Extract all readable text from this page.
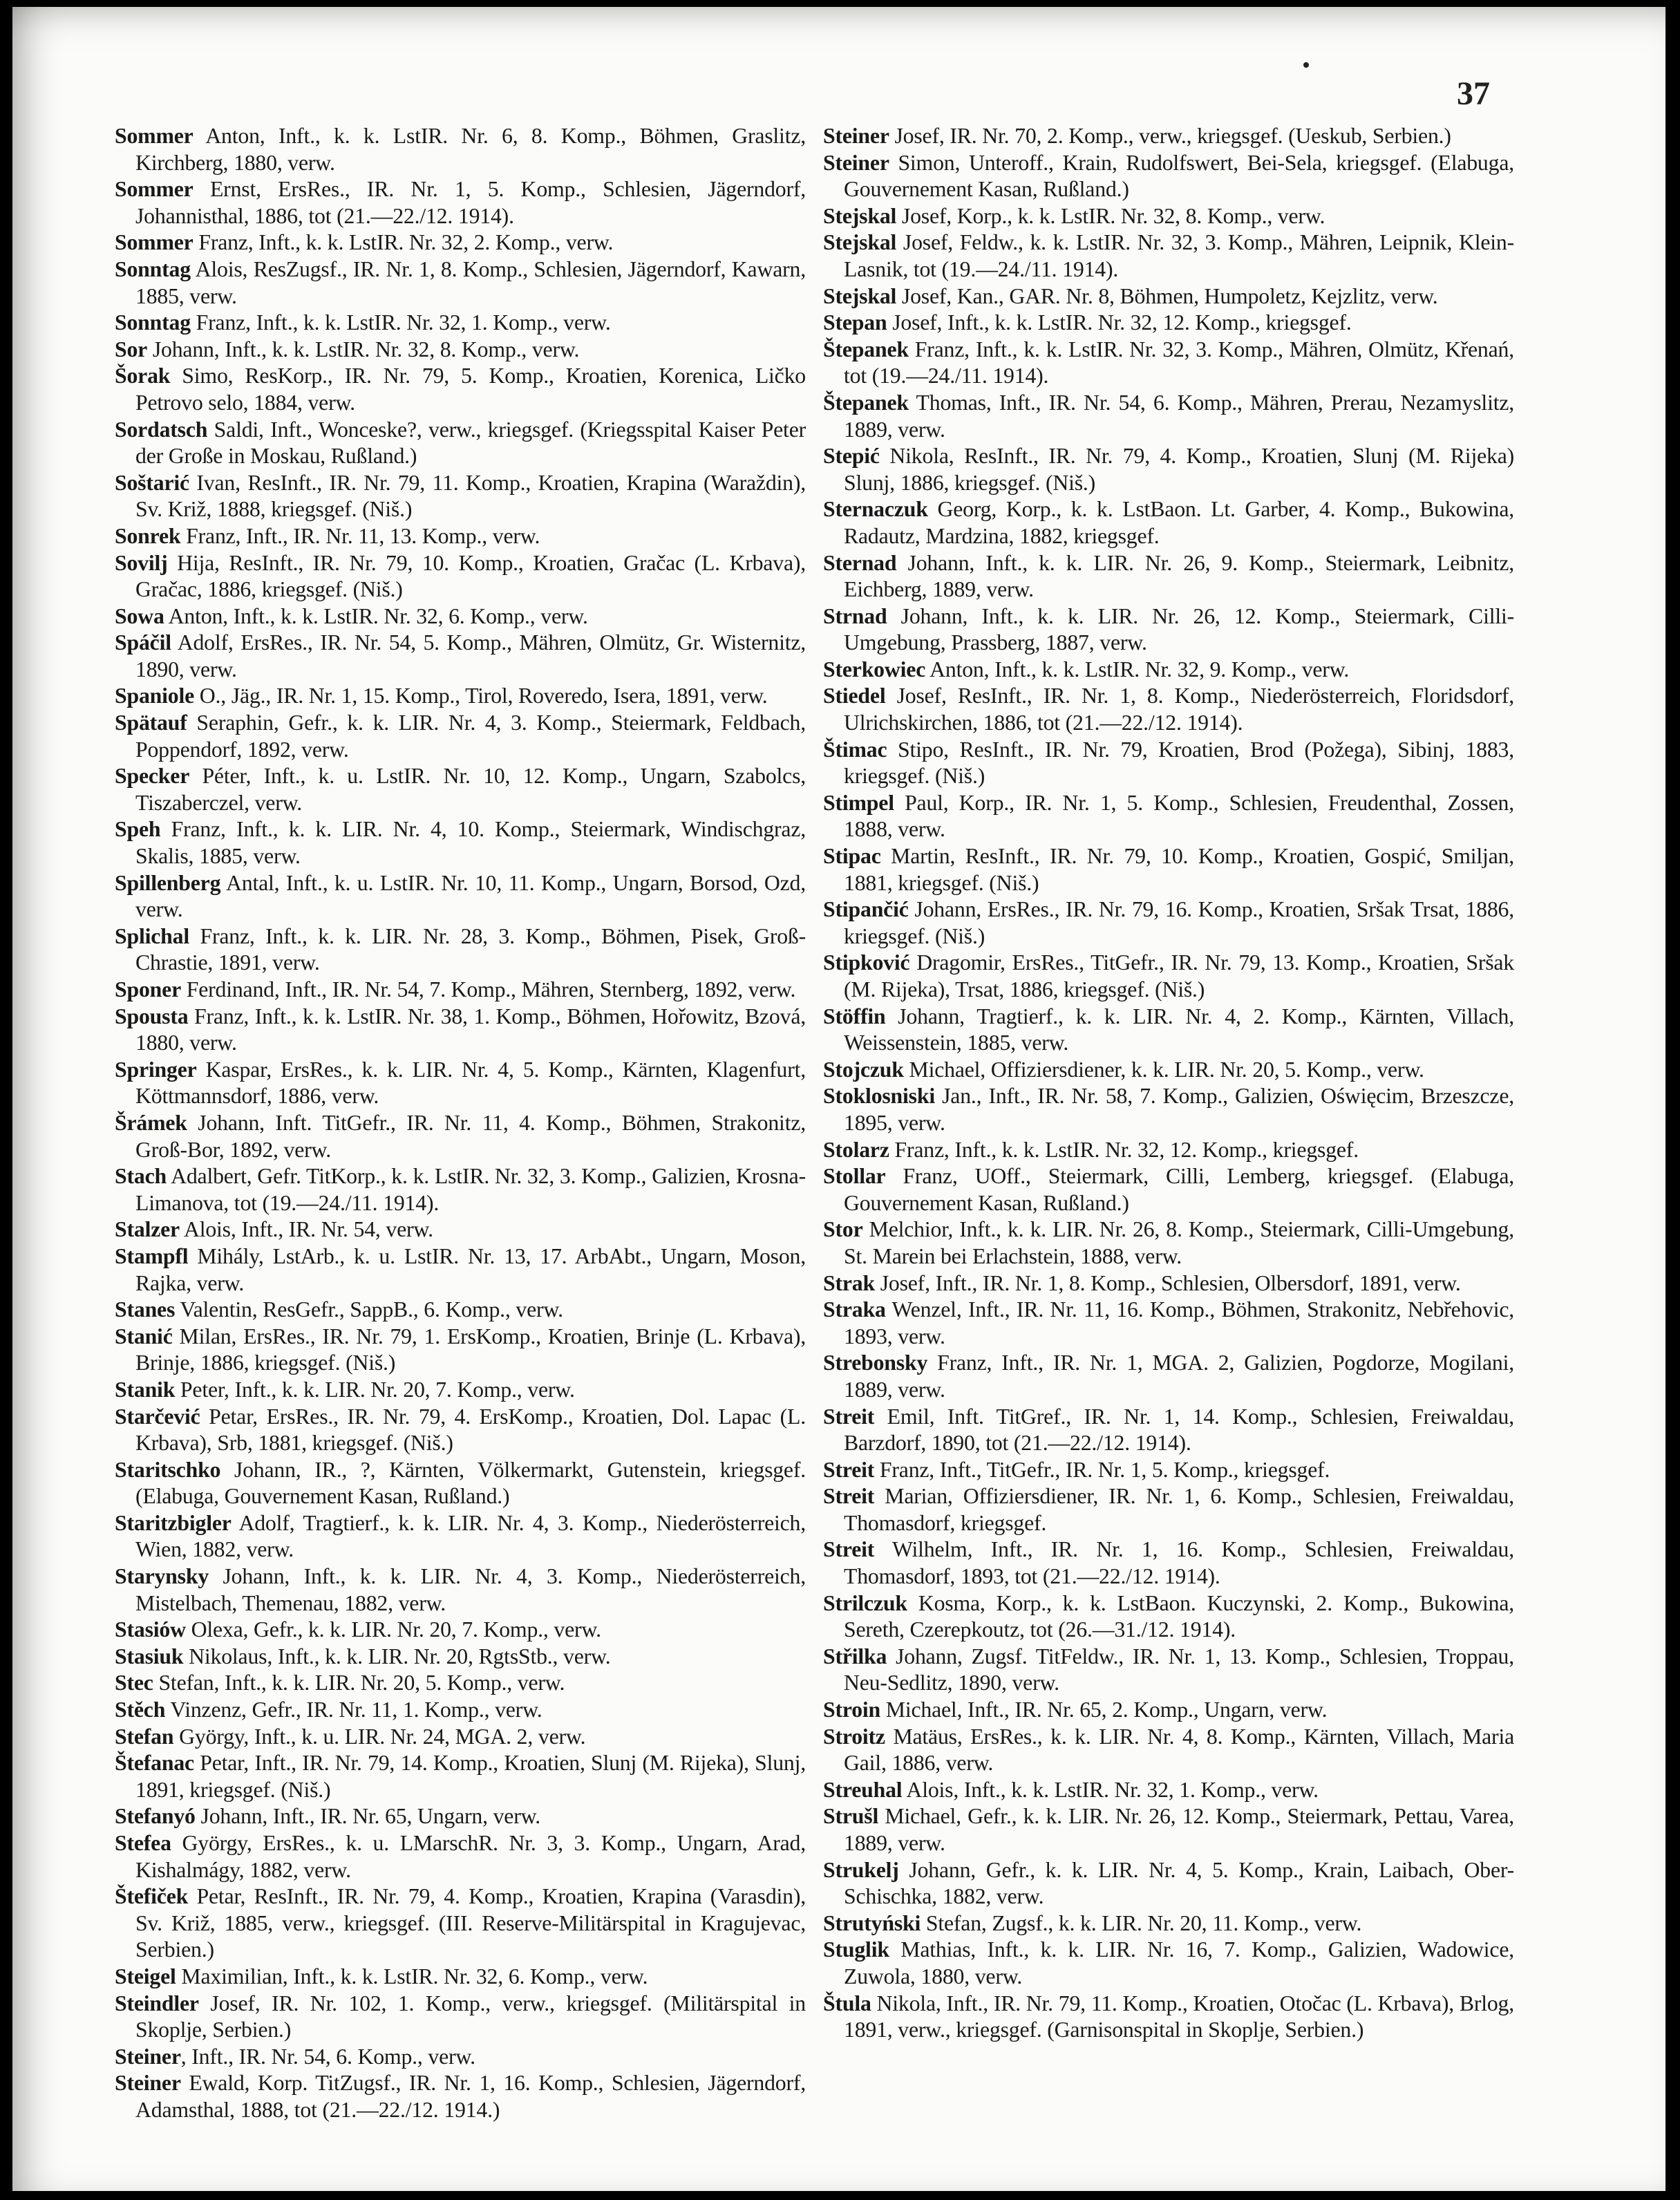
37

Sommer Anton, Inft., k. k. LstIR. Nr. 6, 8. Komp., Böhmen, Graslitz, Kirchberg, 1880, verw.

Sommer Ernst, ErsRes., IR. Nr. 1, 5. Komp., Schlesien, Jägerndorf, Johannisthal, 1886, tot (21.—22./12. 1914).

Sommer Franz, Inft., k. k. LstIR. Nr. 32, 2. Komp., verw.

Sonntag Alois, ResZugsf., IR. Nr. 1, 8. Komp., Schlesien, Jägerndorf, Kawarn, 1885, verw.

Sonntag Franz, Inft., k. k. LstIR. Nr. 32, 1. Komp., verw.

Sor Johann, Inft., k. k. LstIR. Nr. 32, 8. Komp., verw.

Šorak Simo, ResKorp., IR. Nr. 79, 5. Komp., Kroatien, Korenica, Ličko Petrovo selo, 1884, verw.

Sordatsch Saldi, Inft., Wonceske?, verw., kriegsgef. (Kriegsspital Kaiser Peter der Große in Moskau, Rußland.)

Soštarić Ivan, ResInft., IR. Nr. 79, 11. Komp., Kroatien, Krapina (Waraždin), Sv. Križ, 1888, kriegsgef. (Niš.)

Sonrek Franz, Inft., IR. Nr. 11, 13. Komp., verw.

Sovilj Hija, ResInft., IR. Nr. 79, 10. Komp., Kroatien, Gračac (L. Krbava), Gračac, 1886, kriegsgef. (Niš.)

Sowa Anton, Inft., k. k. LstIR. Nr. 32, 6. Komp., verw.

Spáčil Adolf, ErsRes., IR. Nr. 54, 5. Komp., Mähren, Olmütz, Gr. Wisternitz, 1890, verw.

Spaniole O., Jäg., IR. Nr. 1, 15. Komp., Tirol, Roveredo, Isera, 1891, verw.

Spätauf Seraphin, Gefr., k. k. LIR. Nr. 4, 3. Komp., Steiermark, Feldbach, Poppendorf, 1892, verw.

Specker Péter, Inft., k. u. LstIR. Nr. 10, 12. Komp., Ungarn, Szabolcs, Tiszaberczel, verw.

Speh Franz, Inft., k. k. LIR. Nr. 4, 10. Komp., Steiermark, Windischgraz, Skalis, 1885, verw.

Spillenberg Antal, Inft., k. u. LstIR. Nr. 10, 11. Komp., Ungarn, Borsod, Ozd, verw.

Splichal Franz, Inft., k. k. LIR. Nr. 28, 3. Komp., Böhmen, Pisek, Groß-Chrastie, 1891, verw.

Sponer Ferdinand, Inft., IR. Nr. 54, 7. Komp., Mähren, Sternberg, 1892, verw.

Spousta Franz, Inft., k. k. LstIR. Nr. 38, 1. Komp., Böhmen, Hořowitz, Bzová, 1880, verw.

Springer Kaspar, ErsRes., k. k. LIR. Nr. 4, 5. Komp., Kärnten, Klagenfurt, Köttmannsdorf, 1886, verw.

Šrámek Johann, Inft. TitGefr., IR. Nr. 11, 4. Komp., Böhmen, Strakonitz, Groß-Bor, 1892, verw.

Stach Adalbert, Gefr. TitKorp., k. k. LstIR. Nr. 32, 3. Komp., Galizien, Krosna-Limanova, tot (19.—24./11. 1914).

Stalzer Alois, Inft., IR. Nr. 54, verw.

Stampfl Mihály, LstArb., k. u. LstIR. Nr. 13, 17. ArbAbt., Ungarn, Moson, Rajka, verw.

Stanes Valentin, ResGefr., SappB., 6. Komp., verw.

Stanić Milan, ErsRes., IR. Nr. 79, 1. ErsKomp., Kroatien, Brinje (L. Krbava), Brinje, 1886, kriegsgef. (Niš.)

Stanik Peter, Inft., k. k. LIR. Nr. 20, 7. Komp., verw.

Starčević Petar, ErsRes., IR. Nr. 79, 4. ErsKomp., Kroatien, Dol. Lapac (L. Krbava), Srb, 1881, kriegsgef. (Niš.)

Staritschko Johann, IR., ?, Kärnten, Völkermarkt, Gutenstein, kriegsgef. (Elabuga, Gouvernement Kasan, Rußland.)

Staritzbigler Adolf, Tragtierf., k. k. LIR. Nr. 4, 3. Komp., Niederösterreich, Wien, 1882, verw.

Starynsky Johann, Inft., k. k. LIR. Nr. 4, 3. Komp., Niederösterreich, Mistelbach, Themenau, 1882, verw.

Stasiów Olexa, Gefr., k. k. LIR. Nr. 20, 7. Komp., verw.

Stasiuk Nikolaus, Inft., k. k. LIR. Nr. 20, RgtsStb., verw.

Stec Stefan, Inft., k. k. LIR. Nr. 20, 5. Komp., verw.

Stěch Vinzenz, Gefr., IR. Nr. 11, 1. Komp., verw.

Stefan György, Inft., k. u. LIR. Nr. 24, MGA. 2, verw.

Štefanac Petar, Inft., IR. Nr. 79, 14. Komp., Kroatien, Slunj (M. Rijeka), Slunj, 1891, kriegsgef. (Niš.)

Stefanyó Johann, Inft., IR. Nr. 65, Ungarn, verw.

Stefea György, ErsRes., k. u. LMarschR. Nr. 3, 3. Komp., Ungarn, Arad, Kishalmágy, 1882, verw.

Štefiček Petar, ResInft., IR. Nr. 79, 4. Komp., Kroatien, Krapina (Varasdin), Sv. Križ, 1885, verw., kriegsgef. (III. Reserve-Militärspital in Kragujevac, Serbien.)

Steigel Maximilian, Inft., k. k. LstIR. Nr. 32, 6. Komp., verw.

Steindler Josef, IR. Nr. 102, 1. Komp., verw., kriegsgef. (Militärspital in Skoplje, Serbien.)

Steiner, Inft., IR. Nr. 54, 6. Komp., verw.

Steiner Ewald, Korp. TitZugsf., IR. Nr. 1, 16. Komp., Schlesien, Jägerndorf, Adamsthal, 1888, tot (21.—22./12. 1914.)

Steiner Josef, IR. Nr. 70, 2. Komp., verw., kriegsgef. (Ueskub, Serbien.)

Steiner Simon, Unteroff., Krain, Rudolfswert, Bei-Sela, kriegsgef. (Elabuga, Gouvernement Kasan, Rußland.)

Stejskal Josef, Korp., k. k. LstIR. Nr. 32, 8. Komp., verw.

Stejskal Josef, Feldw., k. k. LstIR. Nr. 32, 3. Komp., Mähren, Leipnik, Klein-Lasnik, tot (19.—24./11. 1914).

Stejskal Josef, Kan., GAR. Nr. 8, Böhmen, Humpoletz, Kejzlitz, verw.

Stepan Josef, Inft., k. k. LstIR. Nr. 32, 12. Komp., kriegsgef.

Štepanek Franz, Inft., k. k. LstIR. Nr. 32, 3. Komp., Mähren, Olmütz, Křenań, tot (19.—24./11. 1914).

Štepanek Thomas, Inft., IR. Nr. 54, 6. Komp., Mähren, Prerau, Nezamyslitz, 1889, verw.

Stepić Nikola, ResInft., IR. Nr. 79, 4. Komp., Kroatien, Slunj (M. Rijeka) Slunj, 1886, kriegsgef. (Niš.)

Sternaczuk Georg, Korp., k. k. LstBaon. Lt. Garber, 4. Komp., Bukowina, Radautz, Mardzina, 1882, kriegsgef.

Sternad Johann, Inft., k. k. LIR. Nr. 26, 9. Komp., Steiermark, Leibnitz, Eichberg, 1889, verw.

Strnad Johann, Inft., k. k. LIR. Nr. 26, 12. Komp., Steiermark, Cilli-Umgebung, Prassberg, 1887, verw.

Sterkowiec Anton, Inft., k. k. LstIR. Nr. 32, 9. Komp., verw.

Stiedel Josef, ResInft., IR. Nr. 1, 8. Komp., Niederösterreich, Floridsdorf, Ulrichskirchen, 1886, tot (21.—22./12. 1914).

Štimac Stipo, ResInft., IR. Nr. 79, Kroatien, Brod (Požega), Sibinj, 1883, kriegsgef. (Niš.)

Stimpel Paul, Korp., IR. Nr. 1, 5. Komp., Schlesien, Freudenthal, Zossen, 1888, verw.

Stipac Martin, ResInft., IR. Nr. 79, 10. Komp., Kroatien, Gospić, Smiljan, 1881, kriegsgef. (Niš.)

Stipančić Johann, ErsRes., IR. Nr. 79, 16. Komp., Kroatien, Sršak Trsat, 1886, kriegsgef. (Niš.)

Stipković Dragomir, ErsRes., TitGefr., IR. Nr. 79, 13. Komp., Kroatien, Sršak (M. Rijeka), Trsat, 1886, kriegsgef. (Niš.)

Stöffin Johann, Tragtierf., k. k. LIR. Nr. 4, 2. Komp., Kärnten, Villach, Weissenstein, 1885, verw.

Stojczuk Michael, Offiziersdiener, k. k. LIR. Nr. 20, 5. Komp., verw.

Stoklosniski Jan., Inft., IR. Nr. 58, 7. Komp., Galizien, Oświęcim, Brzeszcze, 1895, verw.

Stolarz Franz, Inft., k. k. LstIR. Nr. 32, 12. Komp., kriegsgef.

Stollar Franz, UOff., Steiermark, Cilli, Lemberg, kriegsgef. (Elabuga, Gouvernement Kasan, Rußland.)

Stor Melchior, Inft., k. k. LIR. Nr. 26, 8. Komp., Steiermark, Cilli-Umgebung, St. Marein bei Erlachstein, 1888, verw.

Strak Josef, Inft., IR. Nr. 1, 8. Komp., Schlesien, Olbersdorf, 1891, verw.

Straka Wenzel, Inft., IR. Nr. 11, 16. Komp., Böhmen, Strakonitz, Nebřehovic, 1893, verw.

Strebonsky Franz, Inft., IR. Nr. 1, MGA. 2, Galizien, Pogdorze, Mogilani, 1889, verw.

Streit Emil, Inft. TitGref., IR. Nr. 1, 14. Komp., Schlesien, Freiwaldau, Barzdorf, 1890, tot (21.—22./12. 1914).

Streit Franz, Inft., TitGefr., IR. Nr. 1, 5. Komp., kriegsgef.

Streit Marian, Offiziersdiener, IR. Nr. 1, 6. Komp., Schlesien, Freiwaldau, Thomasdorf, kriegsgef.

Streit Wilhelm, Inft., IR. Nr. 1, 16. Komp., Schlesien, Freiwaldau, Thomasdorf, 1893, tot (21.—22./12. 1914).

Strilczuk Kosma, Korp., k. k. LstBaon. Kuczynski, 2. Komp., Bukowina, Sereth, Czerepkoutz, tot (26.—31./12. 1914).

Střilka Johann, Zugsf. TitFeldw., IR. Nr. 1, 13. Komp., Schlesien, Troppau, Neu-Sedlitz, 1890, verw.

Stroin Michael, Inft., IR. Nr. 65, 2. Komp., Ungarn, verw.

Stroitz Matäus, ErsRes., k. k. LIR. Nr. 4, 8. Komp., Kärnten, Villach, Maria Gail, 1886, verw.

Streuhal Alois, Inft., k. k. LstIR. Nr. 32, 1. Komp., verw.

Strušl Michael, Gefr., k. k. LIR. Nr. 26, 12. Komp., Steiermark, Pettau, Varea, 1889, verw.

Strukelj Johann, Gefr., k. k. LIR. Nr. 4, 5. Komp., Krain, Laibach, Ober-Schischka, 1882, verw.

Strutyński Stefan, Zugsf., k. k. LIR. Nr. 20, 11. Komp., verw.

Stuglik Mathias, Inft., k. k. LIR. Nr. 16, 7. Komp., Galizien, Wadowice, Zuwola, 1880, verw.

Štula Nikola, Inft., IR. Nr. 79, 11. Komp., Kroatien, Otočac (L. Krbava), Brlog, 1891, verw., kriegsgef. (Garnisonspital in Skoplje, Serbien.)
